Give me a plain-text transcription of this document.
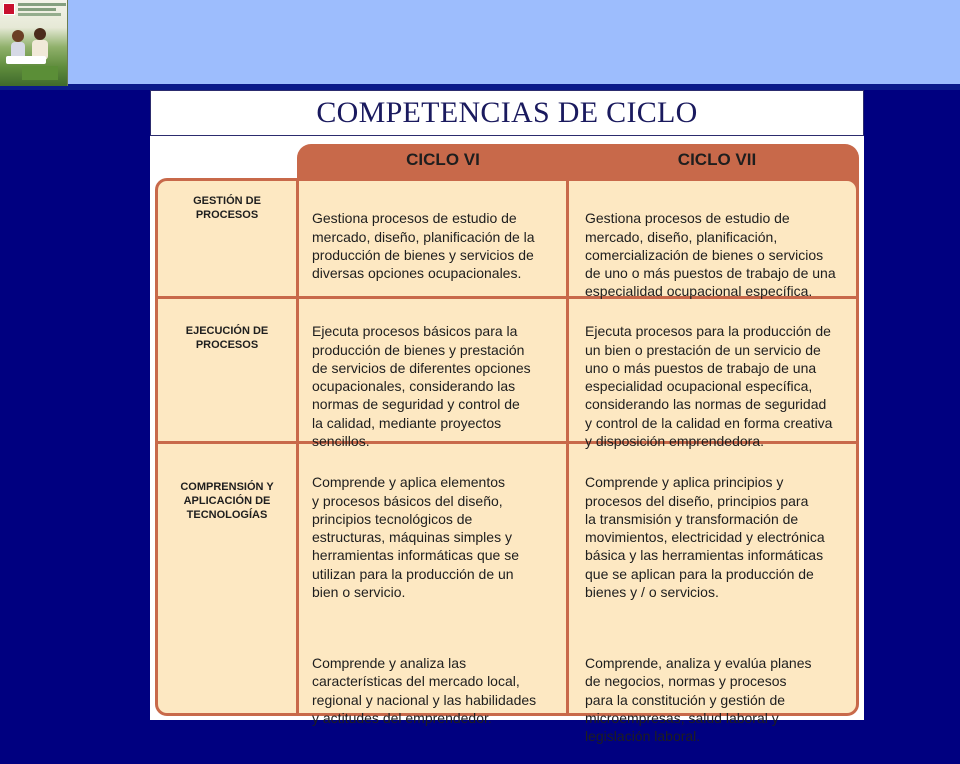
COMPETENCIAS DE CICLO
CICLO VI	CICLO VII
GESTIÓN DE
PROCESOS
EJECUCIÓN DE
PROCESOS
COMPRENSIÓN Y
APLICACIÓN DE
TECNOLOGÍAS

Gestiona procesos de estudio de
mercado, diseño, planificación de la
producción de bienes y servicios de
diversas opciones ocupacionales.

Gestiona procesos de estudio de
mercado, diseño, planificación,
comercialización de bienes o servicios
de uno o más puestos de trabajo de una
especialidad ocupacional específica.

Ejecuta procesos básicos para la
producción de bienes y prestación
de servicios de diferentes opciones
ocupacionales, considerando las
normas de seguridad y control de
la calidad, mediante proyectos
sencillos.

Ejecuta procesos para la producción de
un bien o prestación de un servicio de
uno o más puestos de trabajo de una
especialidad ocupacional específica,
considerando las normas de seguridad
y control de la calidad en forma creativa
y disposición emprendedora.

Comprende y aplica elementos
y procesos básicos del diseño,
principios tecnológicos de
estructuras, máquinas simples y
herramientas informáticas que se
utilizan para la producción de un
bien o servicio.

Comprende y analiza las
características del mercado local,
regional y nacional y las habilidades
y actitudes del emprendedor.

Comprende y aplica principios y
procesos del diseño, principios para
la transmisión y transformación de
movimientos, electricidad y electrónica
básica y las herramientas informáticas
que se aplican para la producción de
bienes y / o servicios.

Comprende, analiza y evalúa planes
de negocios, normas y procesos
para la constitución y gestión de
microempresas, salud laboral y
legislación laboral.
